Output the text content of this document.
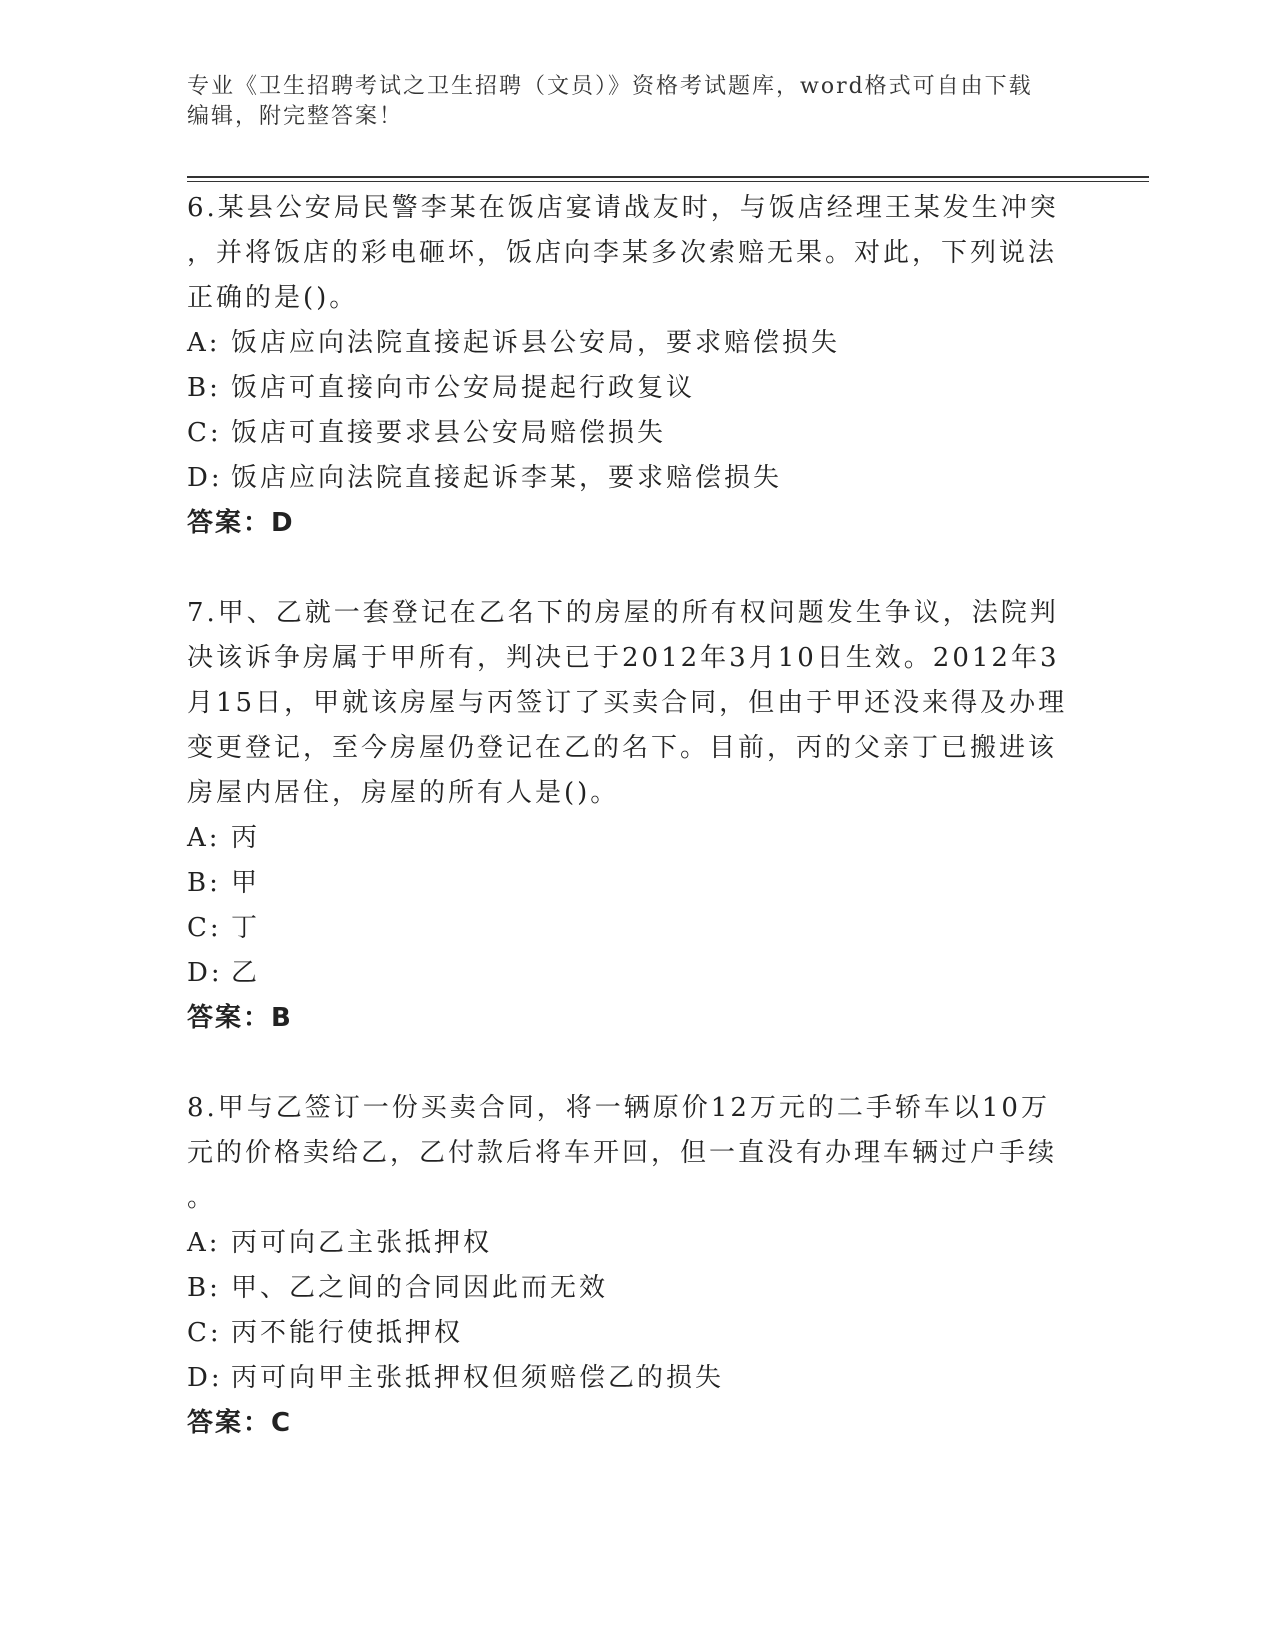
专业《卫生招聘考试之卫生招聘（文员）》资格考试题库，word格式可自由下载
编辑，附完整答案！

6.某县公安局民警李某在饭店宴请战友时，与饭店经理王某发生冲突

，并将饭店的彩电砸坏，饭店向李某多次索赔无果。对此，下列说法

正确的是()。

A: 饭店应向法院直接起诉县公安局，要求赔偿损失

B: 饭店可直接向市公安局提起行政复议

C: 饭店可直接要求县公安局赔偿损失

D: 饭店应向法院直接起诉李某，要求赔偿损失

答案：D

7.甲、乙就一套登记在乙名下的房屋的所有权问题发生争议，法院判

决该诉争房属于甲所有，判决已于2012年3月10日生效。2012年3

月15日，甲就该房屋与丙签订了买卖合同，但由于甲还没来得及办理

变更登记，至今房屋仍登记在乙的名下。目前，丙的父亲丁已搬进该

房屋内居住，房屋的所有人是()。

A: 丙

B: 甲

C: 丁

D: 乙

答案：B

8.甲与乙签订一份买卖合同，将一辆原价12万元的二手轿车以10万

元的价格卖给乙，乙付款后将车开回，但一直没有办理车辆过户手续

。

A: 丙可向乙主张抵押权

B: 甲、乙之间的合同因此而无效

C: 丙不能行使抵押权

D: 丙可向甲主张抵押权但须赔偿乙的损失

答案：C
